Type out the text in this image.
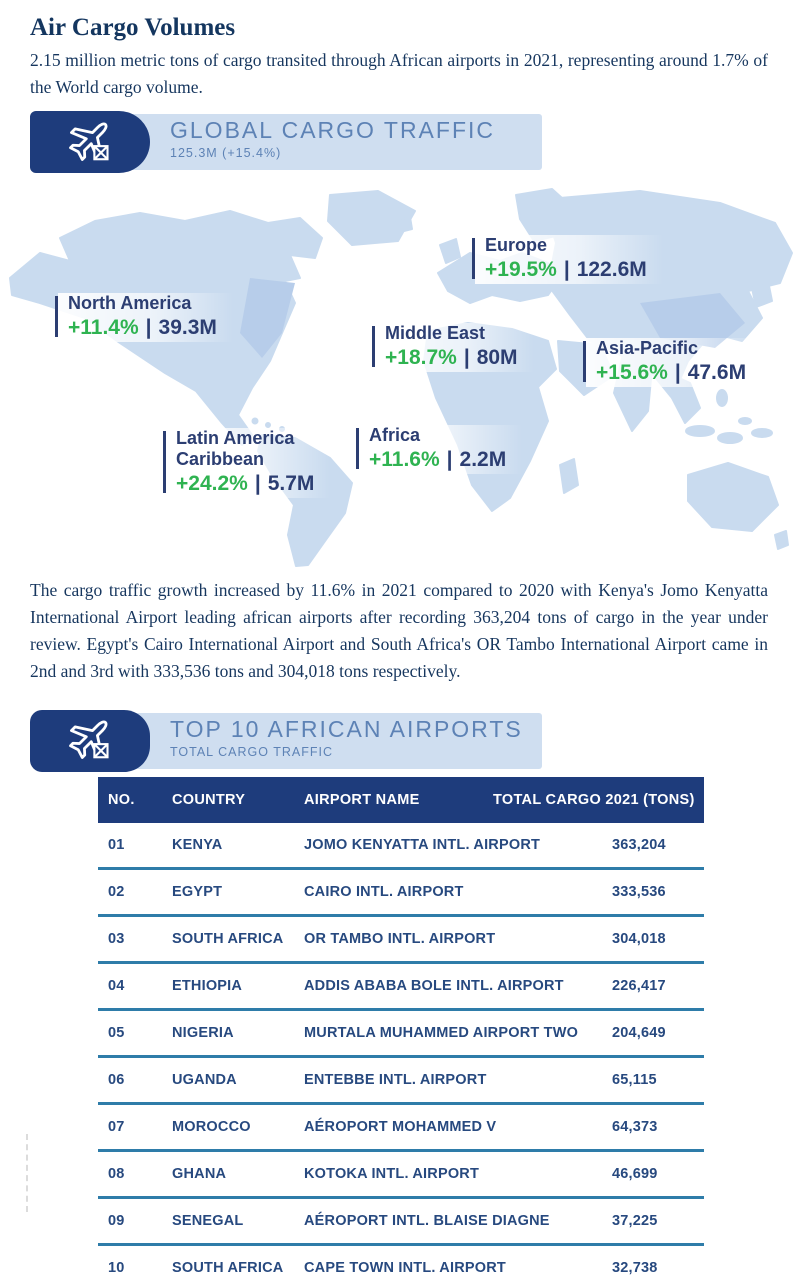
Air Cargo Volumes

2.15 million metric tons of cargo transited through African airports in 2021, representing around 1.7% of the World cargo volume.

GLOBAL CARGO TRAFFIC
125.3M (+15.4%)
North America
+11.4% | 39.3M
Europe
+19.5% | 122.6M
Middle East
+18.7% | 80M	Asia-Pacific
+15.6% | 47.6M
Latin America
Caribbean
+24.2% | 5.7M
Africa
+11.6% | 2.2M

The cargo traffic growth increased by 11.6% in 2021 compared to 2020 with Kenya's Jomo Kenyatta International Airport leading african airports after recording 363,204 tons of cargo in the year under review. Egypt's Cairo International Airport and South Africa's OR Tambo International Airport came in 2nd and 3rd with 333,536 tons and 304,018 tons respectively.

TOP 10 AFRICAN AIRPORTS
TOTAL CARGO TRAFFIC
NO.	COUNTRY	AIRPORT NAME	TOTAL CARGO 2021 (TONS)
01	KENYA	JOMO KENYATTA INTL. AIRPORT	363,204
02	EGYPT	CAIRO INTL. AIRPORT	333,536
03	SOUTH AFRICA	OR TAMBO INTL. AIRPORT	304,018
04	ETHIOPIA	ADDIS ABABA BOLE INTL. AIRPORT	226,417
05	NIGERIA	MURTALA MUHAMMED AIRPORT TWO	204,649
06	UGANDA	ENTEBBE INTL. AIRPORT	65,115
07	MOROCCO	AÉROPORT MOHAMMED V	64,373
08	GHANA	KOTOKA INTL. AIRPORT	46,699
09	SENEGAL	AÉROPORT INTL. BLAISE DIAGNE	37,225
10	SOUTH AFRICA	CAPE TOWN INTL. AIRPORT	32,738
